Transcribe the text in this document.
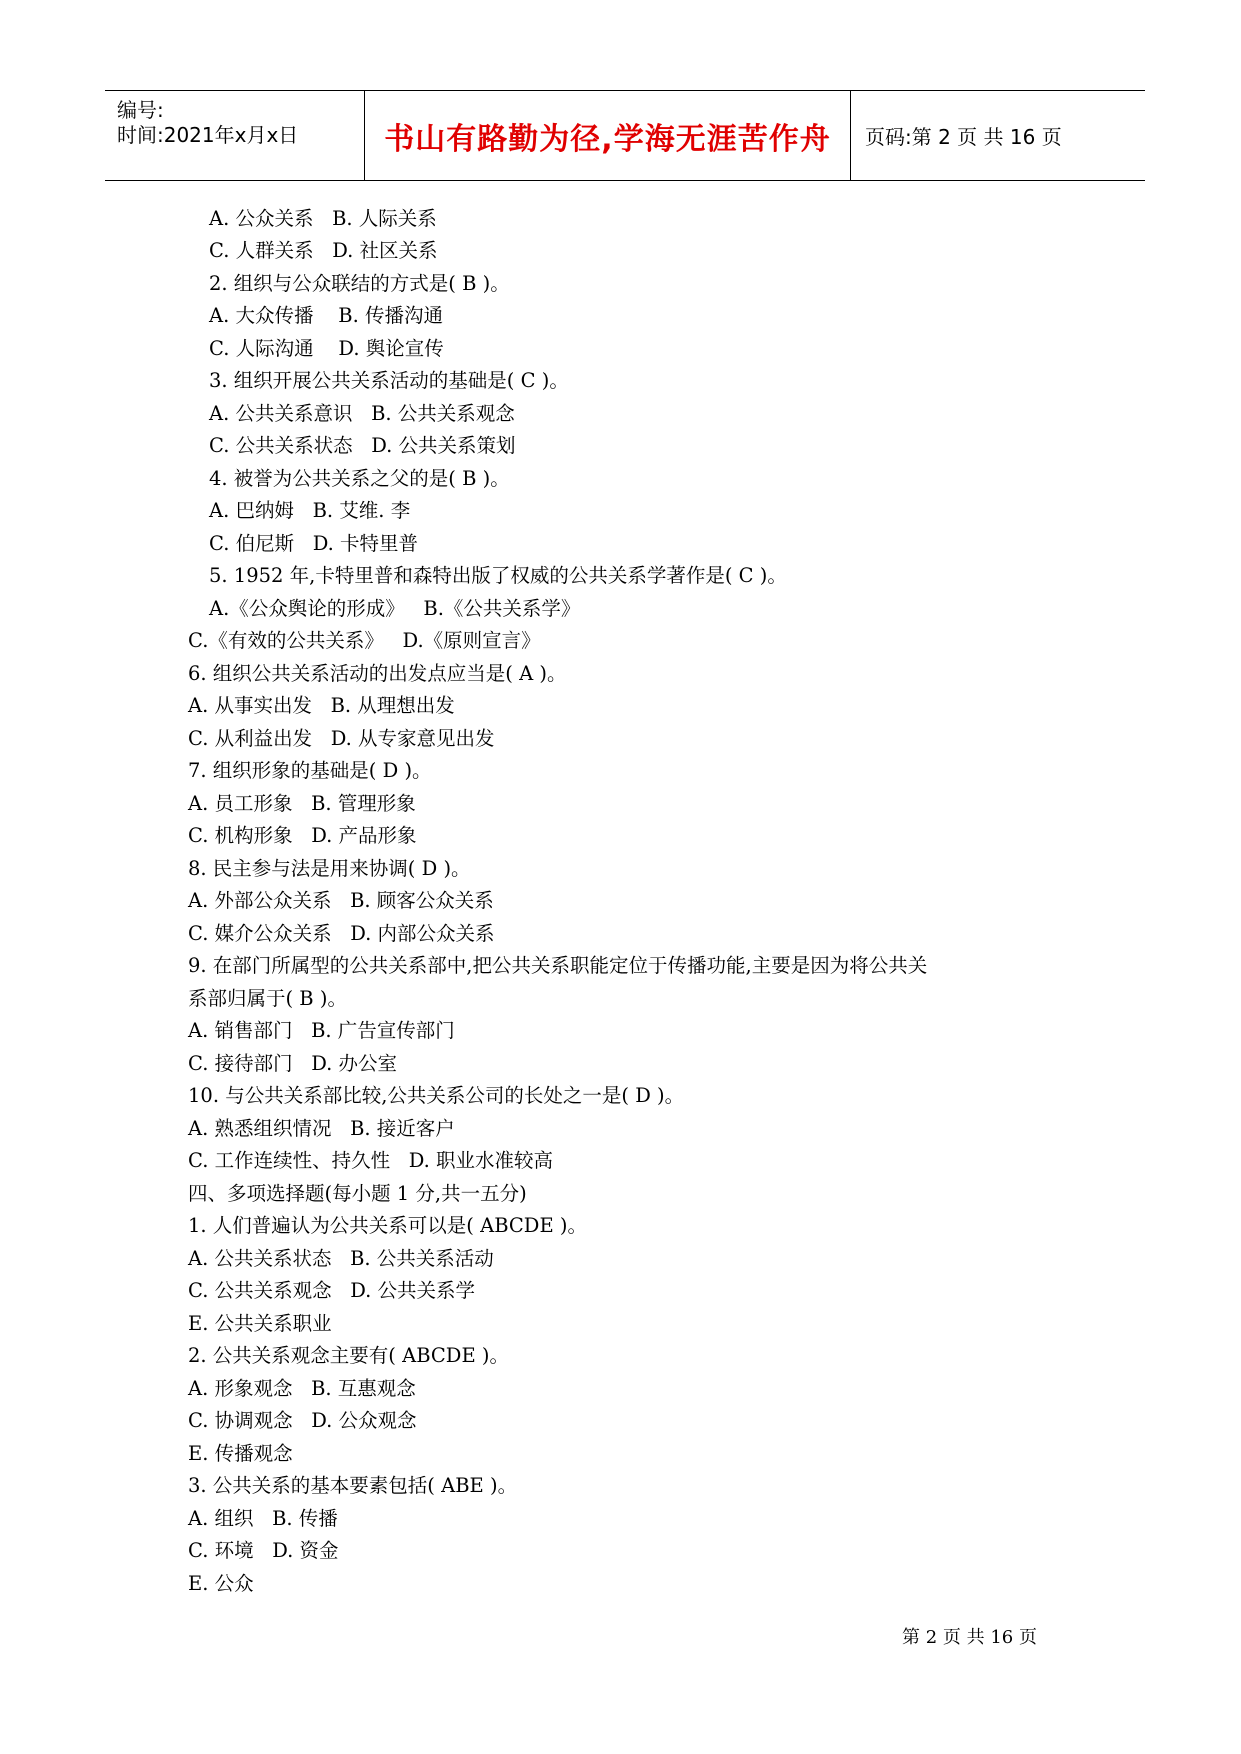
编号:
时间:2021年x月x日	书山有路勤为径,学海无涯苦作舟	页码:第 2 页 共 16 页
A. 公众关系   B. 人际关系
C. 人群关系   D. 社区关系
2. 组织与公众联结的方式是( B )。
A. 大众传播    B. 传播沟通
C. 人际沟通    D. 舆论宣传
3. 组织开展公共关系活动的基础是( C )。
A. 公共关系意识   B. 公共关系观念
C. 公共关系状态   D. 公共关系策划
4. 被誉为公共关系之父的是( B )。
A. 巴纳姆   B. 艾维. 李
C. 伯尼斯   D. 卡特里普
5. 1952 年,卡特里普和森特出版了权威的公共关系学著作是( C )。
A.《公众舆论的形成》   B.《公共关系学》
C.《有效的公共关系》   D.《原则宣言》
6. 组织公共关系活动的出发点应当是( A )。
A. 从事实出发   B. 从理想出发
C. 从利益出发   D. 从专家意见出发
7. 组织形象的基础是( D )。
A. 员工形象   B. 管理形象
C. 机构形象   D. 产品形象
8. 民主参与法是用来协调( D )。
A. 外部公众关系   B. 顾客公众关系
C. 媒介公众关系   D. 内部公众关系
9. 在部门所属型的公共关系部中,把公共关系职能定位于传播功能,主要是因为将公共关
系部归属于( B )。
A. 销售部门   B. 广告宣传部门
C. 接待部门   D. 办公室
10. 与公共关系部比较,公共关系公司的长处之一是( D )。
A. 熟悉组织情况   B. 接近客户
C. 工作连续性、持久性   D. 职业水准较高
四、多项选择题(每小题 1 分,共一五分)
1. 人们普遍认为公共关系可以是( ABCDE )。
A. 公共关系状态   B. 公共关系活动
C. 公共关系观念   D. 公共关系学
E. 公共关系职业
2. 公共关系观念主要有( ABCDE )。
A. 形象观念   B. 互惠观念
C. 协调观念   D. 公众观念
E. 传播观念
3. 公共关系的基本要素包括( ABE )。
A. 组织   B. 传播
C. 环境   D. 资金
E. 公众
第 2 页 共 16 页
